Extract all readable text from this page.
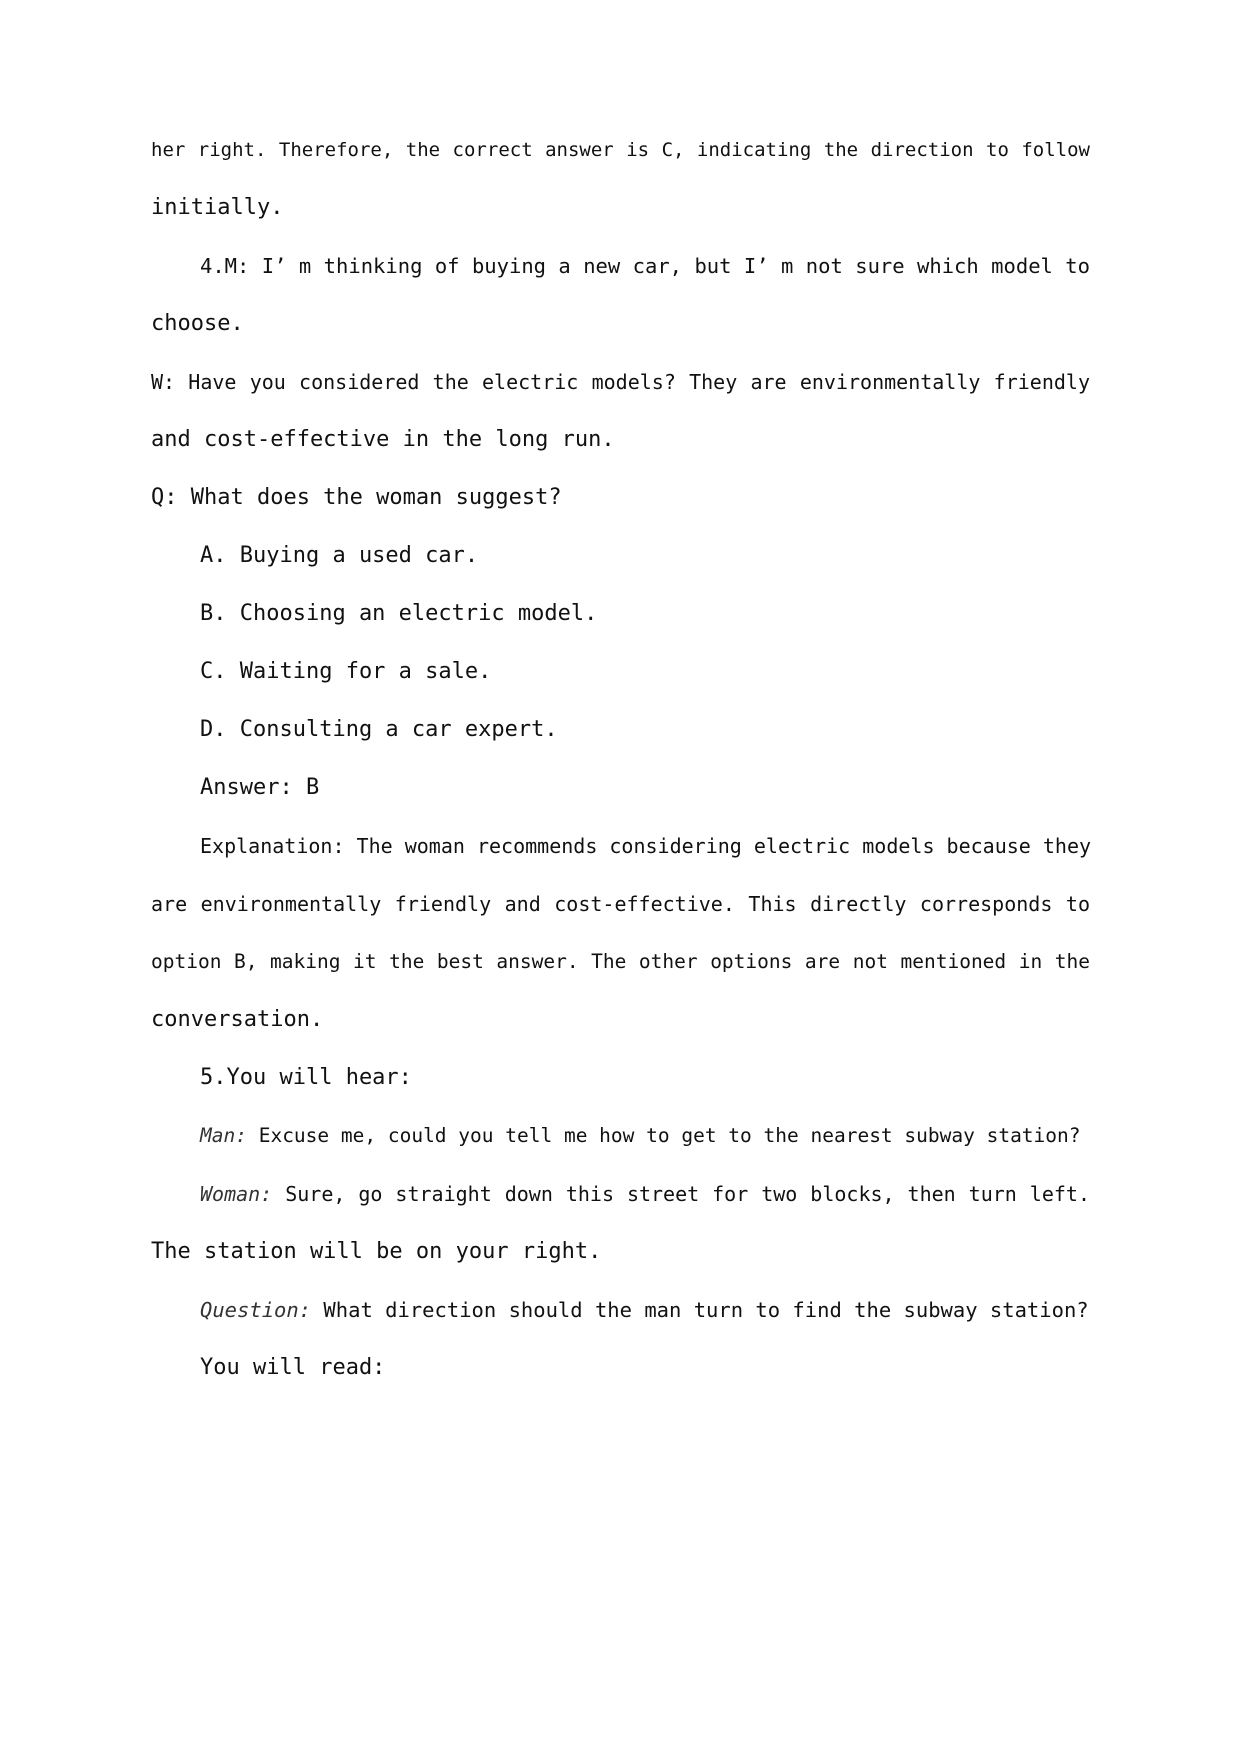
her right. Therefore, the correct answer is C, indicating the direction to follow
initially.
4.M: I’ m thinking of buying a new car, but I’ m not sure which model to
choose.
W: Have you considered the electric models? They are environmentally friendly
and cost-effective in the long run.
Q: What does the woman suggest?
A. Buying a used car.
B. Choosing an electric model.
C. Waiting for a sale.
D. Consulting a car expert.
Answer: B
Explanation: The woman recommends considering electric models because they
are environmentally friendly and cost-effective. This directly corresponds to
option B, making it the best answer. The other options are not mentioned in the
conversation.
5.You will hear:
Man: Excuse me, could you tell me how to get to the nearest subway station?
Woman: Sure, go straight down this street for two blocks, then turn left.
The station will be on your right.
Question: What direction should the man turn to find the subway station?
You will read:
